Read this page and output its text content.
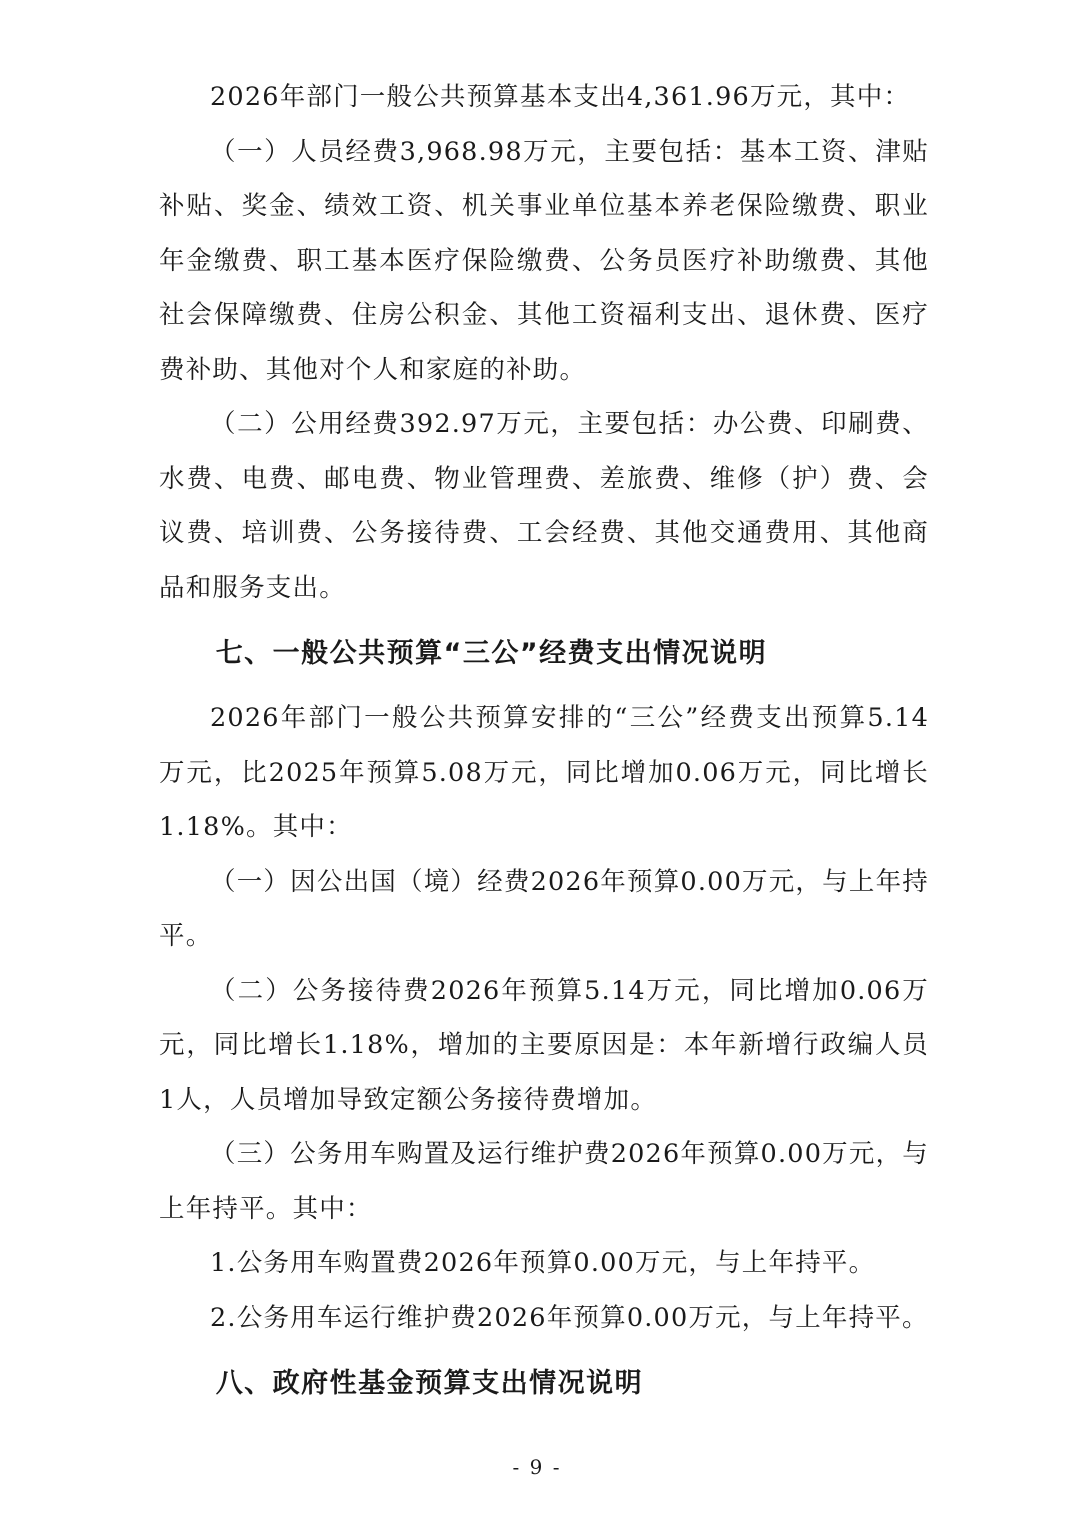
2026年部门一般公共预算基本支出4,361.96万元，其中：

（一）人员经费3,968.98万元，主要包括：基本工资、津贴补贴、奖金、绩效工资、机关事业单位基本养老保险缴费、职业年金缴费、职工基本医疗保险缴费、公务员医疗补助缴费、其他社会保障缴费、住房公积金、其他工资福利支出、退休费、医疗费补助、其他对个人和家庭的补助。

（二）公用经费392.97万元，主要包括：办公费、印刷费、水费、电费、邮电费、物业管理费、差旅费、维修（护）费、会议费、培训费、公务接待费、工会经费、其他交通费用、其他商品和服务支出。

七、一般公共预算“三公”经费支出情况说明

2026年部门一般公共预算安排的“三公”经费支出预算5.14万元，比2025年预算5.08万元，同比增加0.06万元，同比增长1.18%。其中：

（一）因公出国（境）经费2026年预算0.00万元，与上年持平。

（二）公务接待费2026年预算5.14万元，同比增加0.06万元，同比增长1.18%，增加的主要原因是：本年新增行政编人员1人，人员增加导致定额公务接待费增加。

（三）公务用车购置及运行维护费2026年预算0.00万元，与上年持平。其中：

1.公务用车购置费2026年预算0.00万元，与上年持平。

2.公务用车运行维护费2026年预算0.00万元，与上年持平。

八、政府性基金预算支出情况说明
- 9 -
